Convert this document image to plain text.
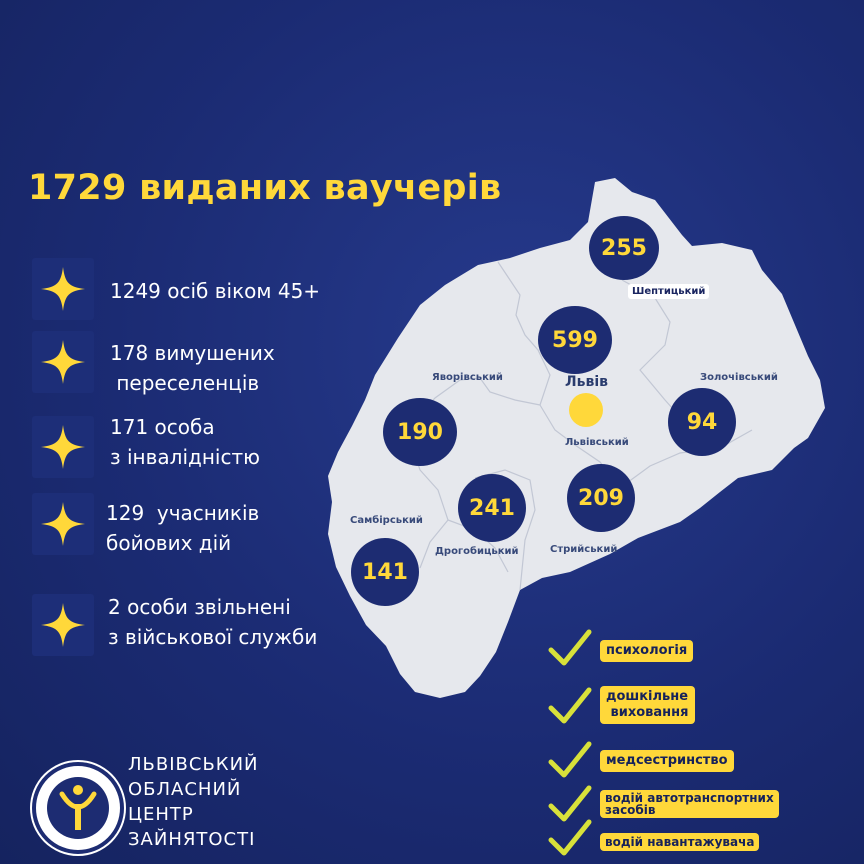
1729 виданих ваучерів
1249 осіб віком 45+
178 вимушених
переселенців
171 особа
з інвалідністю
129  учасників
бойових дій
2 особи звільнені
з військової служби
Львів
Яворівський
Львівський
Золочівський
Самбірський
Дрогобицький	Стрийський
Шептицький
255
599
94
190
241	209
141
психологія
дошкільне
виховання
медсестринство
водій автотранспортних
засобів
водій навантажувача
ЛЬВІВСЬКИЙ
ОБЛАСНИЙ
ЦЕНТР
ЗАЙНЯТОСТІ
